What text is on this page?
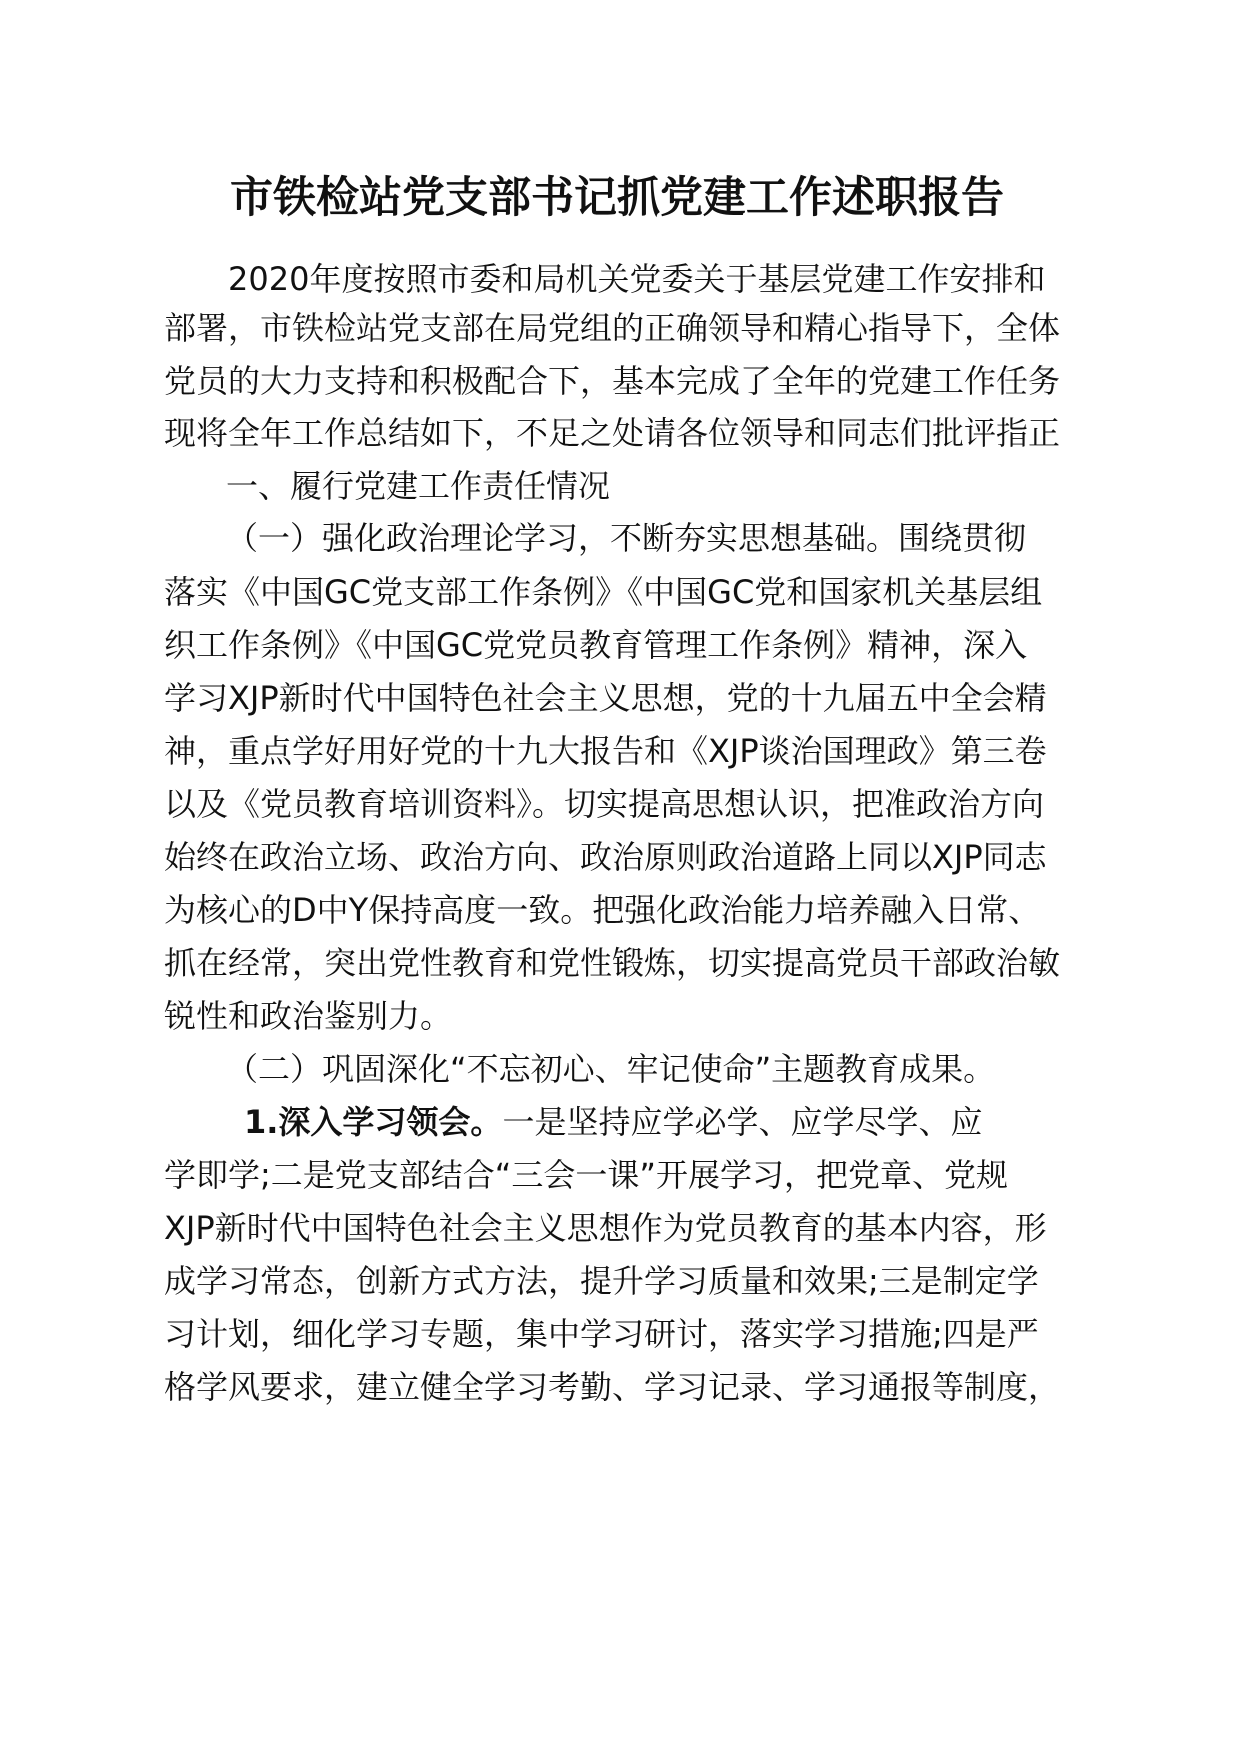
市铁检站党支部书记抓党建工作述职报告
2020年度按照市委和局机关党委关于基层党建工作安排和
部署，市铁检站党支部在局党组的正确领导和精心指导下，全体
党员的大力支持和积极配合下，基本完成了全年的党建工作任务
现将全年工作总结如下，不足之处请各位领导和同志们批评指正
一、履行党建工作责任情况
（一）强化政治理论学习，不断夯实思想基础。围绕贯彻
落实《中国GC党支部工作条例》《中国GC党和国家机关基层组
织工作条例》《中国GC党党员教育管理工作条例》精神，深入
学习XJP新时代中国特色社会主义思想，党的十九届五中全会精
神，重点学好用好党的十九大报告和《XJP谈治国理政》第三卷
以及《党员教育培训资料》。切实提高思想认识，把准政治方向
始终在政治立场、政治方向、政治原则政治道路上同以XJP同志
为核心的D中Y保持高度一致。把强化政治能力培养融入日常、
抓在经常，突出党性教育和党性锻炼，切实提高党员干部政治敏
锐性和政治鉴别力。
（二）巩固深化“不忘初心、牢记使命”主题教育成果。
1.深入学习领会。一是坚持应学必学、应学尽学、应
学即学;二是党支部结合“三会一课”开展学习，把党章、党规
XJP新时代中国特色社会主义思想作为党员教育的基本内容，形
成学习常态，创新方式方法，提升学习质量和效果;三是制定学
习计划，细化学习专题，集中学习研讨，落实学习措施;四是严
格学风要求，建立健全学习考勤、学习记录、学习通报等制度，
